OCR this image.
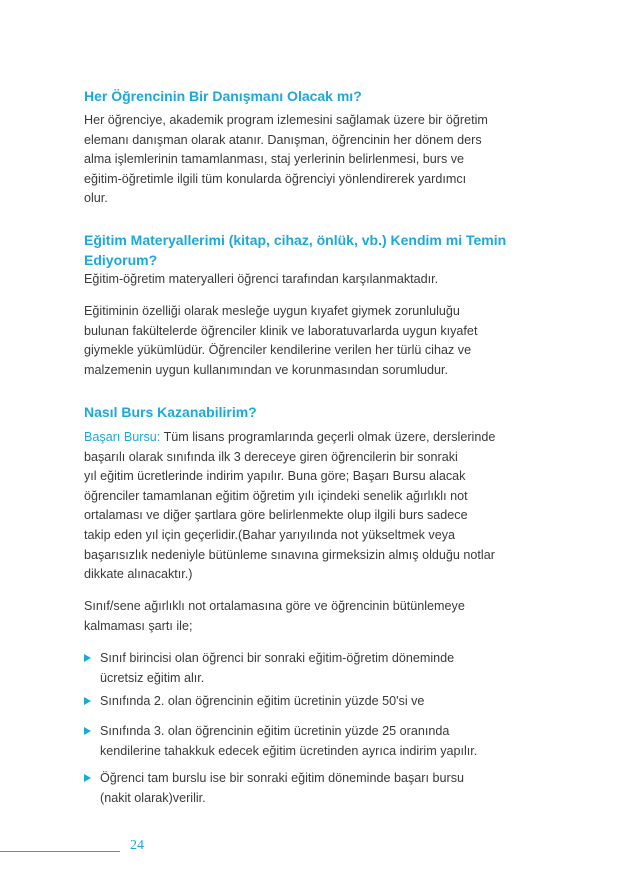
Her Öğrencinin Bir Danışmanı Olacak mı?

Her öğrenciye, akademik program izlemesini sağlamak üzere bir öğretim
elemanı danışman olarak atanır. Danışman, öğrencinin her dönem ders
alma işlemlerinin tamamlanması, staj yerlerinin belirlenmesi, burs ve
eğitim-öğretimle ilgili tüm konularda öğrenciyi yönlendirerek yardımcı
olur.

Eğitim Materyallerimi (kitap, cihaz, önlük, vb.) Kendim mi Temin
Ediyorum?

Eğitim-öğretim materyalleri öğrenci tarafından karşılanmaktadır.

Eğitiminin özelliği olarak mesleğe uygun kıyafet giymek zorunluluğu
bulunan fakültelerde öğrenciler klinik ve laboratuvarlarda uygun kıyafet
giymekle yükümlüdür. Öğrenciler kendilerine verilen her türlü cihaz ve
malzemenin uygun kullanımından ve korunmasından sorumludur.

Nasıl Burs Kazanabilirim?

Başarı Bursu: Tüm lisans programlarında geçerli olmak üzere, derslerinde
başarılı olarak sınıfında ilk 3 dereceye giren öğrencilerin bir sonraki
yıl eğitim ücretlerinde indirim yapılır. Buna göre; Başarı Bursu alacak
öğrenciler tamamlanan eğitim öğretim yılı içindeki senelik ağırlıklı not
ortalaması ve diğer şartlara göre belirlenmekte olup ilgili burs sadece
takip eden yıl için geçerlidir.(Bahar yarıyılında not yükseltmek veya
başarısızlık nedeniyle bütünleme sınavına girmeksizin almış olduğu notlar
dikkate alınacaktır.)

Sınıf/sene ağırlıklı not ortalamasına göre ve öğrencinin bütünlemeye
kalmaması şartı ile;

Sınıf birincisi olan öğrenci bir sonraki eğitim-öğretim döneminde
ücretsiz eğitim alır.
Sınıfında 2. olan öğrencinin eğitim ücretinin yüzde 50'si ve
Sınıfında 3. olan öğrencinin eğitim ücretinin yüzde 25 oranında
kendilerine tahakkuk edecek eğitim ücretinden ayrıca indirim yapılır.
Öğrenci tam burslu ise bir sonraki eğitim döneminde başarı bursu
(nakit olarak)verilir.
24
